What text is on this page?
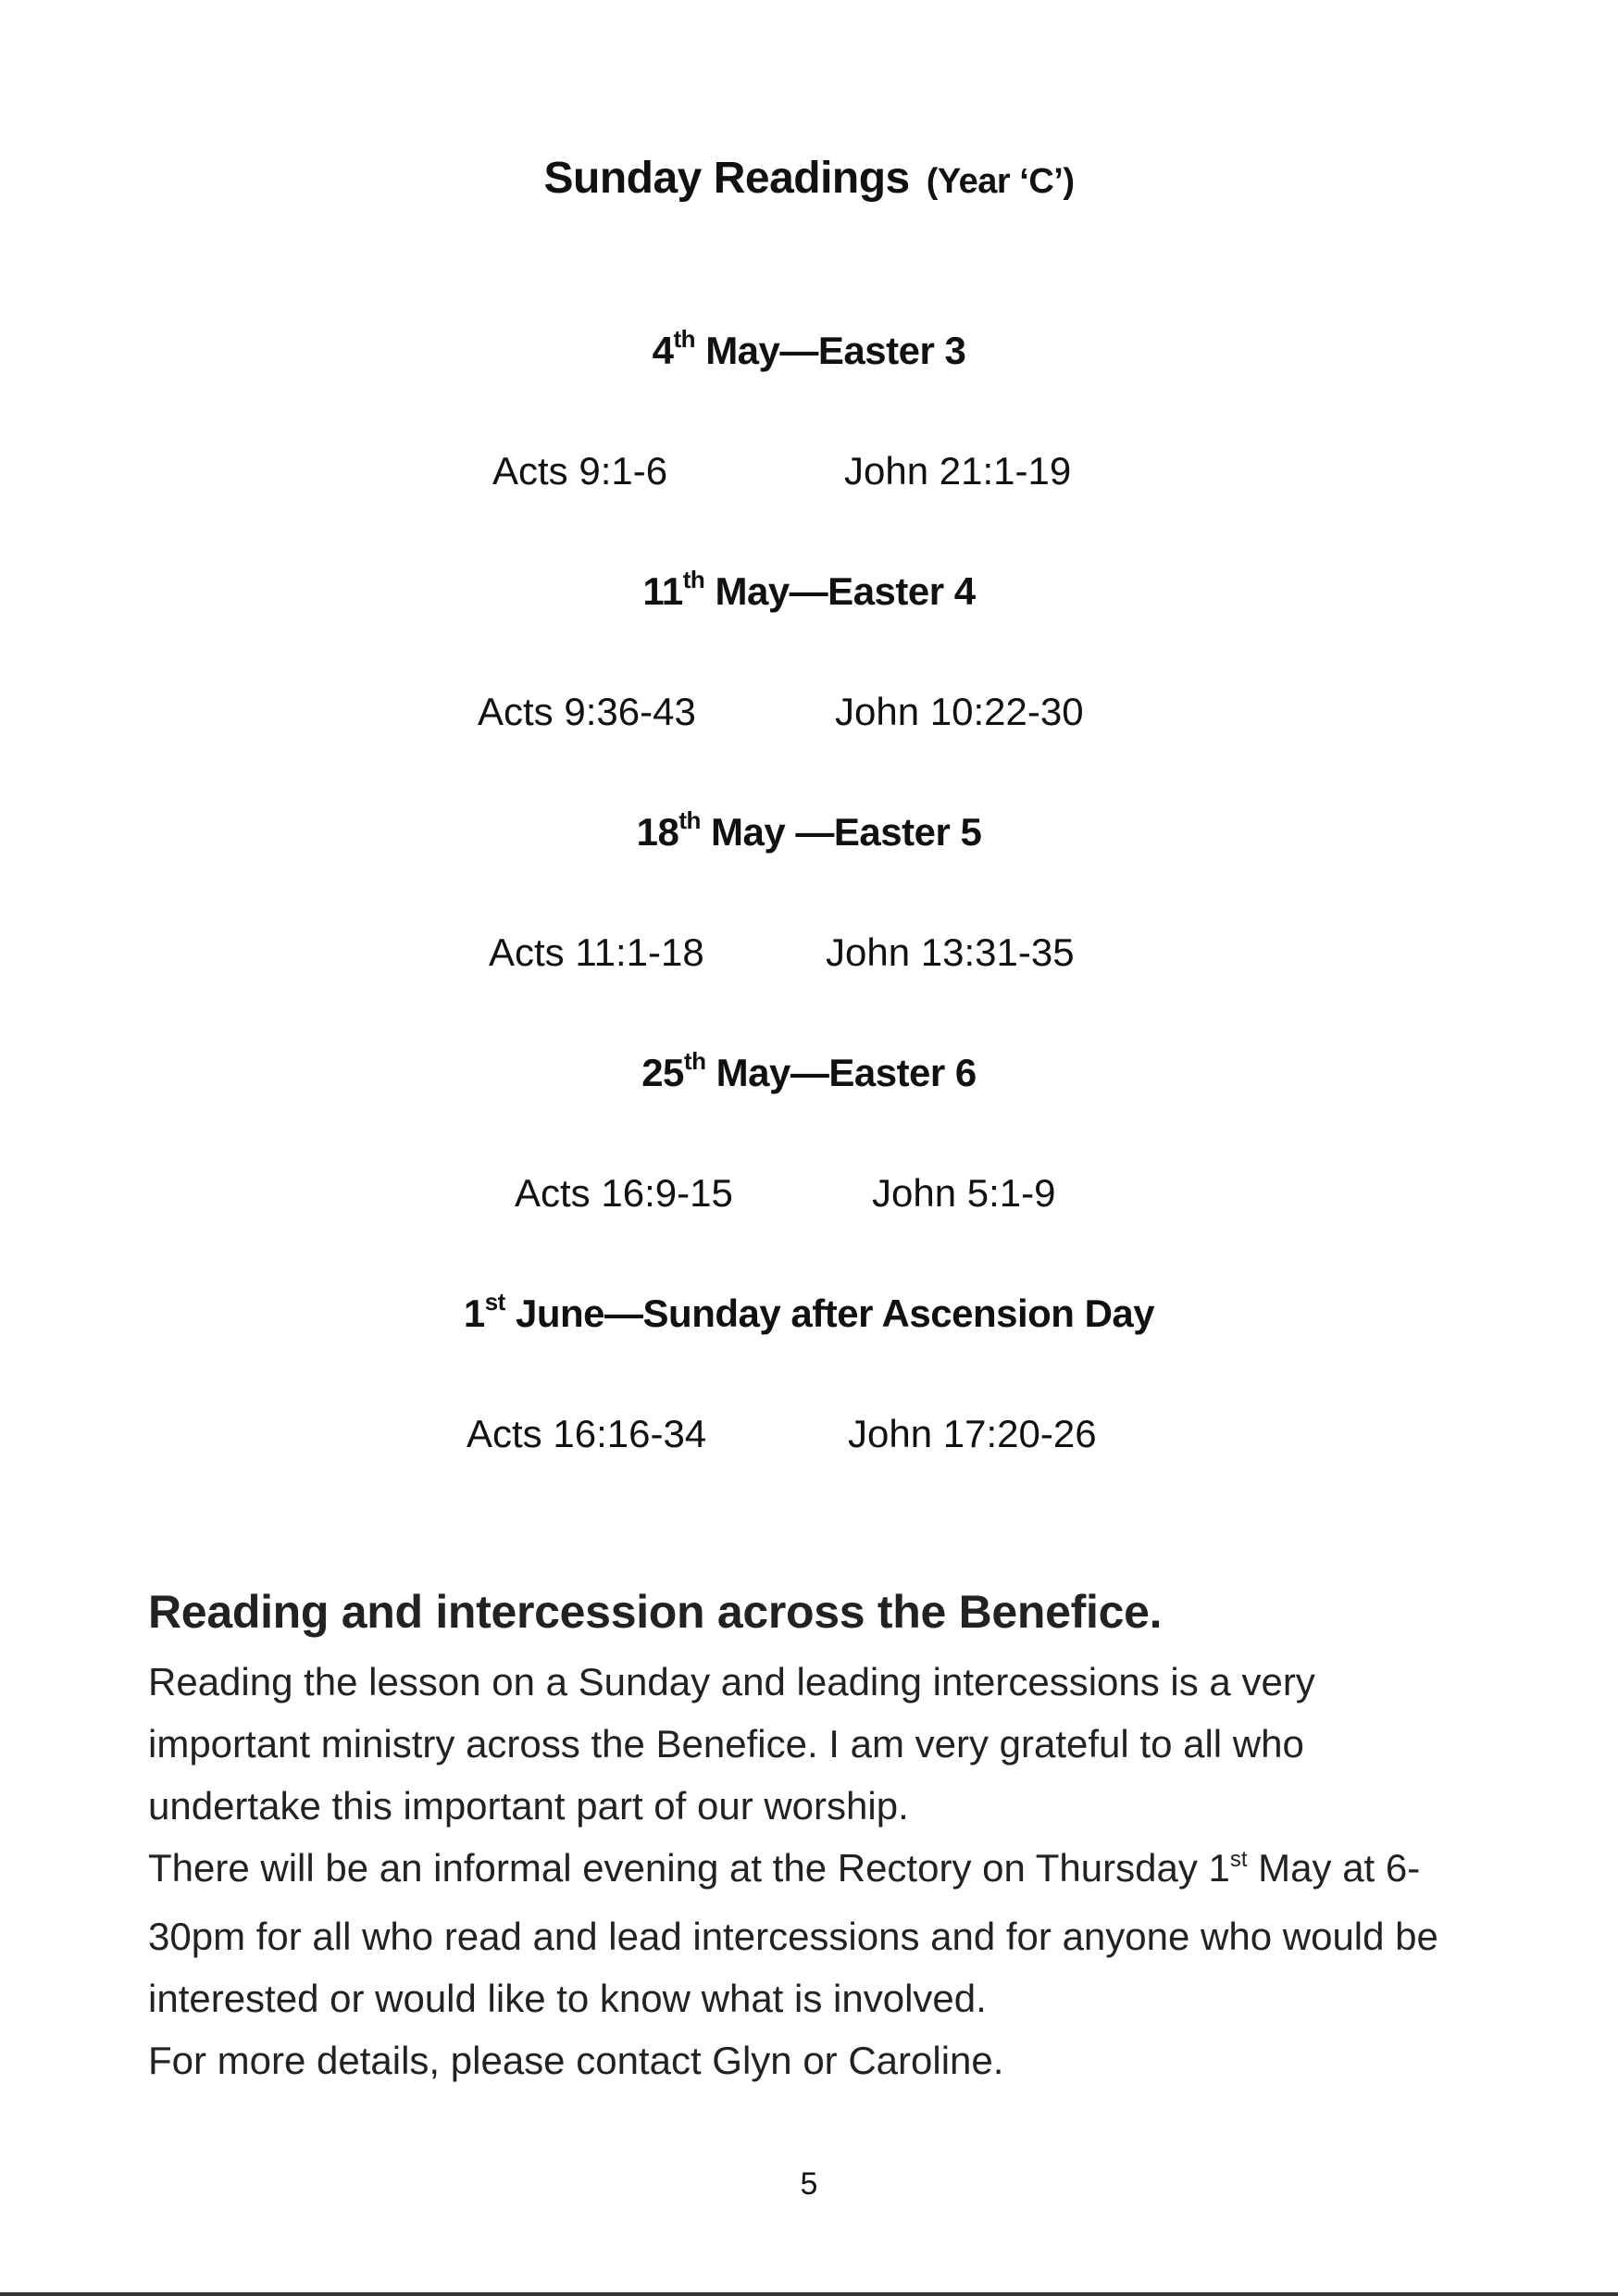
Sunday Readings (Year ‘C’)
4th May—Easter 3
Acts 9:1-6	John 21:1-19
11th May—Easter 4
Acts 9:36-43	John 10:22-30
18th May —Easter 5
Acts 11:1-18	John 13:31-35
25th May—Easter 6
Acts 16:9-15	John 5:1-9
1st June—Sunday after Ascension Day
Acts 16:16-34	John 17:20-26
Reading and intercession across the Benefice.

Reading the lesson on a Sunday and leading intercessions is a very important ministry across the Benefice. I am very grateful to all who undertake this important part of our worship.

There will be an informal evening at the Rectory on Thursday 1st May at 6-30pm for all who read and lead intercessions and for anyone who would be interested or would like to know what is involved.

For more details, please contact Glyn or Caroline.

5
